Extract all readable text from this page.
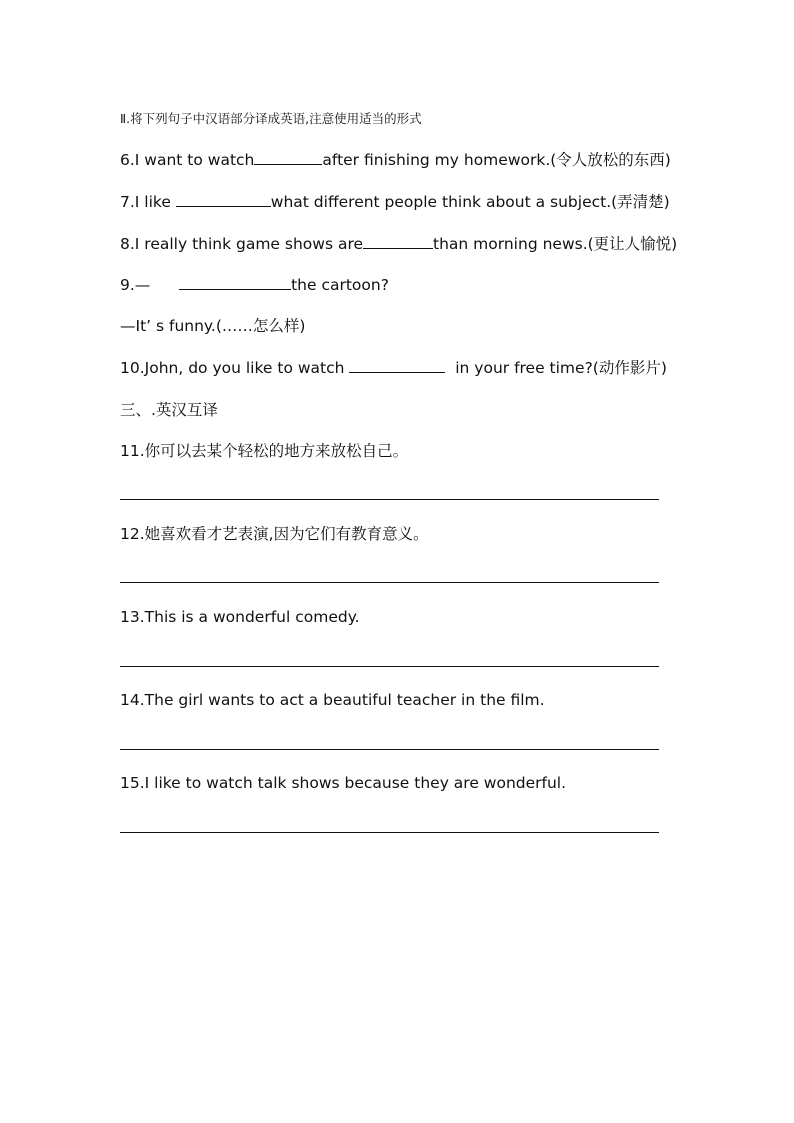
Ⅱ.将下列句子中汉语部分译成英语,注意使用适当的形式
6.I want to watch	after finishing my homework.(令人放松的东西)
7.I like	what different people think about a subject.(弄清楚)
8.I really think game shows are	than morning news.(更让人愉悦)
9.—	the cartoon?
—It’ s funny.(……怎么样)
10.John, do you like to watch	in your free time?(动作影片)
三、.英汉互译
11.你可以去某个轻松的地方来放松自己。
12.她喜欢看才艺表演,因为它们有教育意义。
13.This is a wonderful comedy.
14.The girl wants to act a beautiful teacher in the film.
15.I like to watch talk shows because they are wonderful.
